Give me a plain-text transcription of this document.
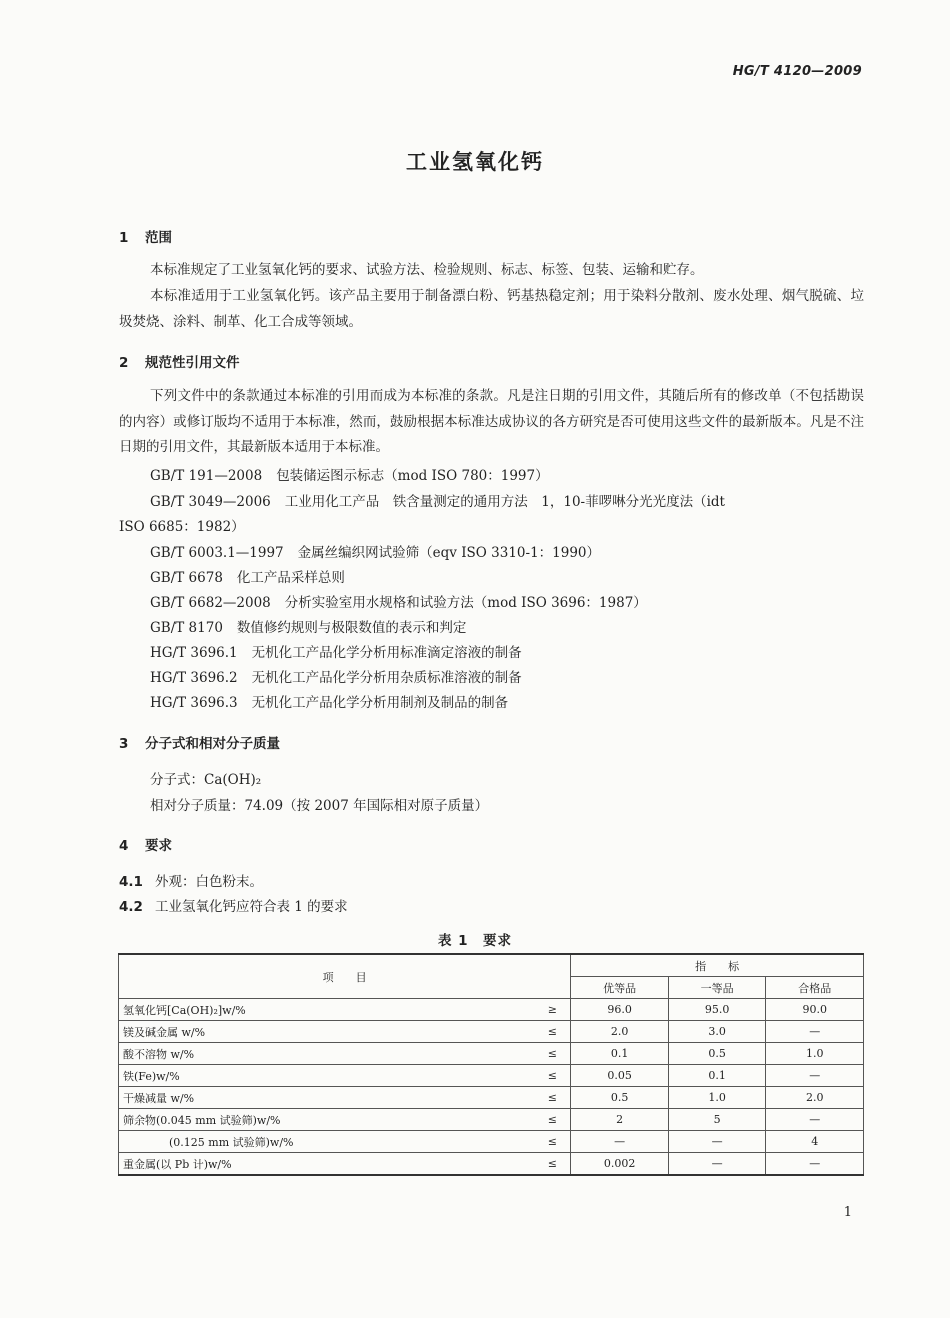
HG/T 4120—2009
工业氢氧化钙
1 范围

本标准规定了工业氢氧化钙的要求、试验方法、检验规则、标志、标签、包装、运输和贮存。

本标准适用于工业氢氧化钙。该产品主要用于制备漂白粉、钙基热稳定剂；用于染料分散剂、废水处理、烟气脱硫、垃圾焚烧、涂料、制革、化工合成等领域。

2 规范性引用文件

下列文件中的条款通过本标准的引用而成为本标准的条款。凡是注日期的引用文件，其随后所有的修改单（不包括勘误的内容）或修订版均不适用于本标准，然而，鼓励根据本标准达成协议的各方研究是否可使用这些文件的最新版本。凡是不注日期的引用文件，其最新版本适用于本标准。

GB/T 191—2008 包装储运图示标志（mod ISO 780：1997）
GB/T 3049—2006 工业用化工产品　铁含量测定的通用方法　1，10-菲啰啉分光光度法（idt
ISO 6685：1982）
GB/T 6003.1—1997 金属丝编织网试验筛（eqv ISO 3310-1：1990）
GB/T 6678 化工产品采样总则
GB/T 6682—2008 分析实验室用水规格和试验方法（mod ISO 3696：1987）
GB/T 8170 数值修约规则与极限数值的表示和判定
HG/T 3696.1 无机化工产品化学分析用标准滴定溶液的制备
HG/T 3696.2 无机化工产品化学分析用杂质标准溶液的制备
HG/T 3696.3 无机化工产品化学分析用制剂及制品的制备
3 分子式和相对分子质量
分子式：Ca(OH)₂
相对分子质量：74.09（按 2007 年国际相对原子质量）
4 要求
4.1 外观：白色粉末。
4.2 工业氢氧化钙应符合表 1 的要求
表 1　要求
项　　目		指　　标		
		优等品	一等品	合格品
氢氧化钙[Ca(OH)₂]w/%	≥	96.0	95.0	90.0
镁及碱金属 w/%	≤	2.0	3.0	—
酸不溶物 w/%	≤	0.1	0.5	1.0
铁(Fe)w/%	≤	0.05	0.1	—
干燥减量 w/%	≤	0.5	1.0	2.0
筛余物(0.045 mm 试验筛)w/%	≤	2	5	—
(0.125 mm 试验筛)w/%	≤	—	—	4
重金属(以 Pb 计)w/%	≤	0.002	—	—
1
